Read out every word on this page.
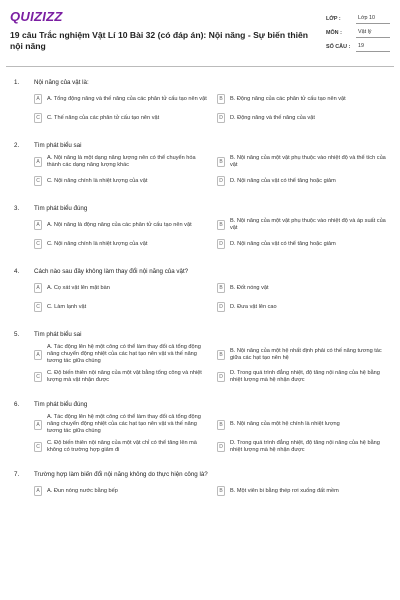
QUIZIZZ
19 câu Trắc nghiệm Vật Lí 10 Bài 32 (có đáp án): Nội năng - Sự biến thiên nội năng
LỚP :	Lớp 10
MÔN :	Vật lý
SỐ CÂU :	19
1.	Nội năng của vật là:
A	A. Tổng động năng và thế năng của các phân tử cấu tạo nên vật	B	B. Động năng của các phân tử cấu tạo nên vật
C	C. Thế năng của các phân tử cấu tạo nên vật	D	D. Động năng và thế năng của vật
2.	Tìm phát biểu sai
A
A. Nội năng là một dạng năng lượng nên có thể chuyển hóa thành các dạng năng lượng khác	B
B. Nội năng của một vật phụ thuộc vào nhiệt độ và thể tích của vật
C	C. Nội năng chính là nhiệt lượng của vật	D	D. Nội năng của vật có thể tăng hoặc giảm
3.	Tìm phát biểu đúng
A	A. Nội năng là động năng của các phân tử cấu tạo nên vật	B
B. Nội năng của một vật phụ thuộc vào nhiệt độ và áp suất của vật
C	C. Nội năng chính là nhiệt lượng của vật	D	D. Nội năng của vật có thể tăng hoặc giảm
4.	Cách nào sau đây không làm thay đổi nội năng của vật?
A	A. Cọ xát vật lên mặt bàn	B	B. Đốt nóng vật
C	C. Làm lạnh vật	D	D. Đưa vật lên cao
5.	Tìm phát biểu sai
A
A. Tác động lên hệ một công có thể làm thay đổi cả tổng động năng chuyển động nhiệt của các hạt tạo nên vật và thế năng tương tác giữa chúng
B
B. Nội năng của một hệ nhất định phải có thế năng tương tác giữa các hạt tạo nên hệ
C
C. Độ biến thiên nội năng của một vật bằng tổng công và nhiệt lượng mà vật nhận được	D
D. Trong quá trình đẳng nhiệt, độ tăng nội năng của hệ bằng nhiệt lượng mà hệ nhận được
6.	Tìm phát biểu đúng
A
A. Tác động lên hệ một công có thể làm thay đổi cả tổng động năng chuyển động nhiệt của các hạt tạo nên vật và thế năng tương tác giữa chúng
B	B. Nội năng của một hệ chính là nhiệt lượng
C
C. Độ biến thiên nội năng của một vật chỉ có thể tăng lên mà không có trường hợp giảm đi	D
D. Trong quá trình đẳng nhiệt, độ tăng nội năng của hệ bằng nhiệt lượng mà hệ nhận được
7.	Trường hợp làm biến đổi nội năng không do thực hiện công là?
A	A. Đun nóng nước bằng bếp	B	B. Một viên bi bằng thép rơi xuống đất mềm
